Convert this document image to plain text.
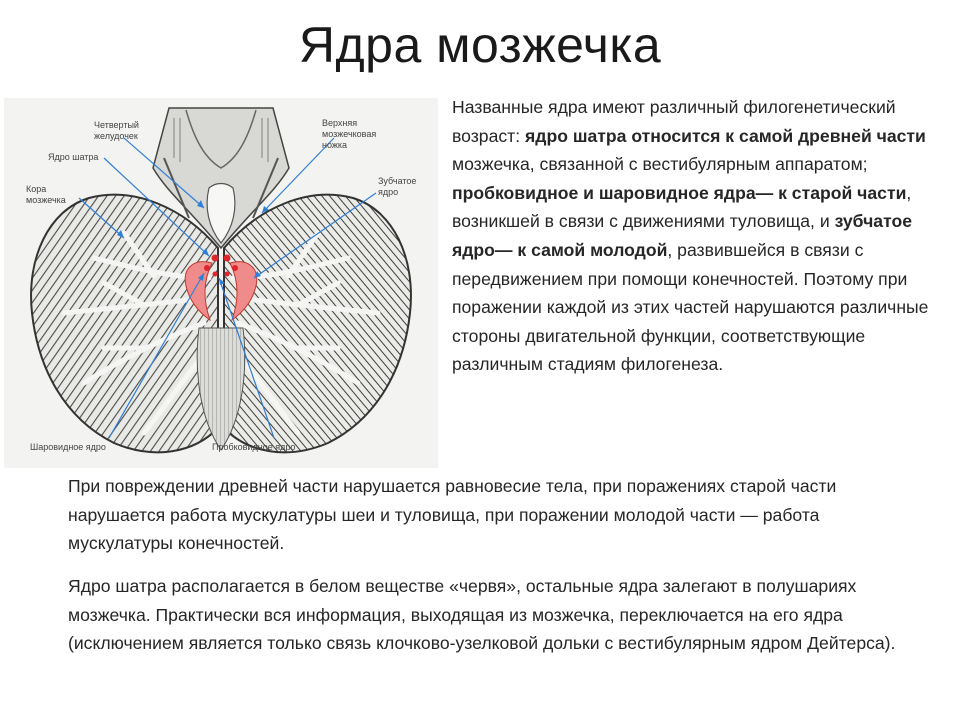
Ядра мозжечка
Четвертый
желудочек
Ядро шатра
Кора
мозжечка
Верхняя
мозжечковая
ножка
Зубчатое
ядро
Шаровидное ядро	Пробковидное ядро
Названные ядра имеют различный филогенетический возраст: ядро шатра относится к самой древней части мозжечка, связанной с вестибулярным аппаратом; пробковидное и шаровидное ядра— к старой части, возникшей в связи с движениями туловища, и зубчатое ядро— к самой молодой, развившейся в связи с передвижением при помощи конечностей. Поэтому при поражении каждой из этих частей нарушаются различные стороны двигательной функции, соответствующие различным стадиям филогенеза.
При повреждении древней части нарушается равновесие тела, при поражениях старой части нарушается работа мускулатуры шеи и туловища, при поражении молодой части — работа мускулатуры конечностей.
Ядро шатра располагается в белом веществе «червя», остальные ядра залегают в полушариях мозжечка. Практически вся информация, выходящая из мозжечка, переключается на его ядра (исключением является только связь клочково-узелковой дольки с вестибулярным ядром Дейтерса).
